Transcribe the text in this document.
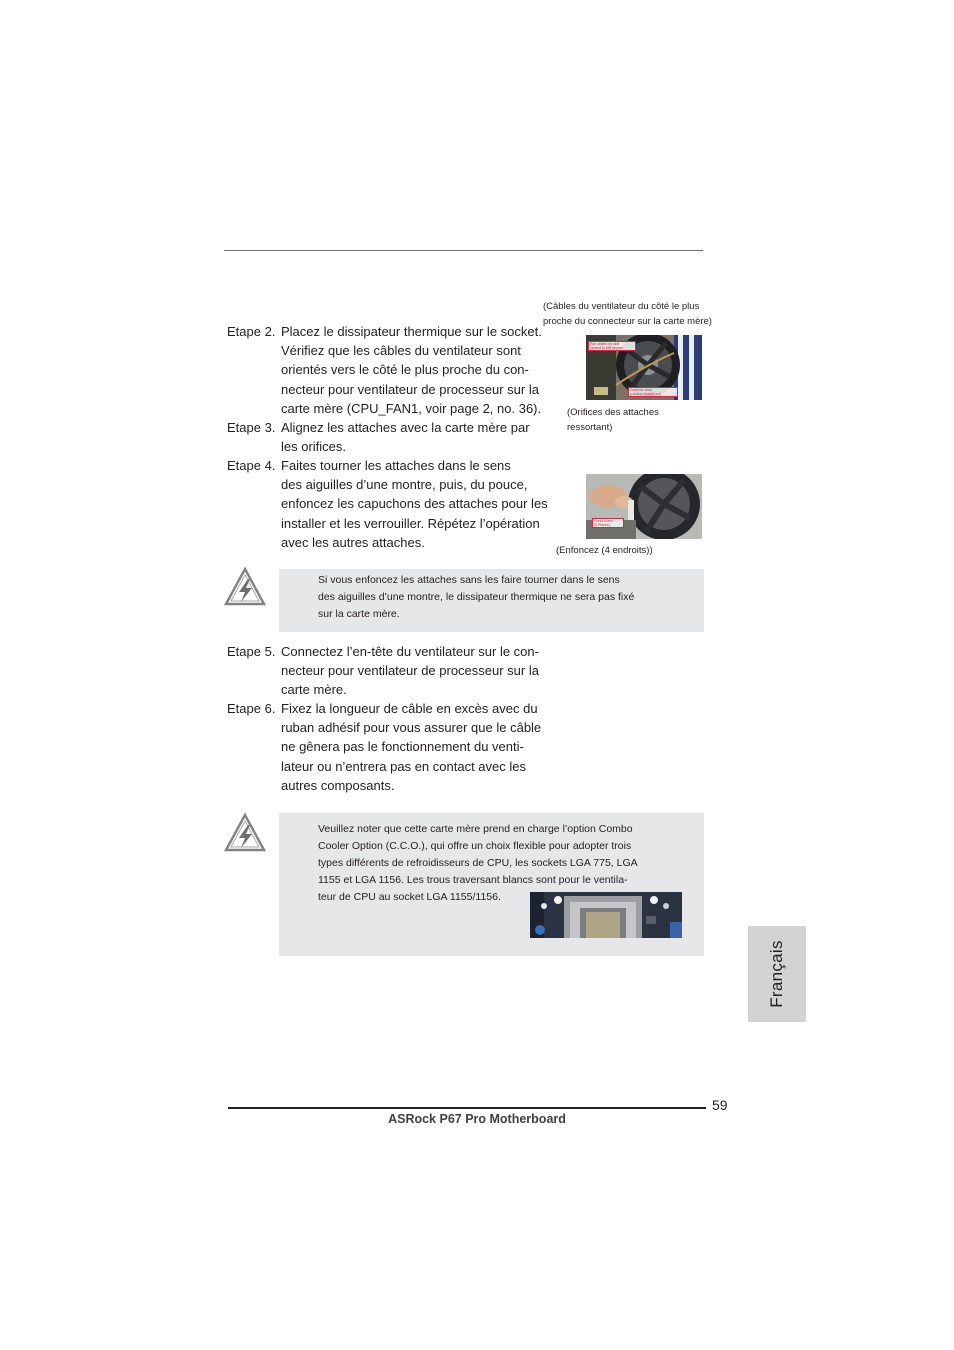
Etape 2. Placez le dissipateur thermique sur le socket.
Vérifiez que les câbles du ventilateur sont
orientés vers le côté le plus proche du con-
necteur pour ventilateur de processeur sur la
carte mère (CPU_FAN1, voir page 2, no. 36).
Etape 3. Alignez les attaches avec la carte mère par
les orifices.
Etape 4. Faites tourner les attaches dans le sens
des aiguilles d’une montre, puis, du pouce,
enfoncez les capuchons des attaches pour les
installer et les verrouiller. Répétez l’opération
avec les autres attaches.
(Câbles du ventilateur du côté le plus
proche du connecteur sur la carte mère)
Fan cables on side
closest to MB header
Fastener slots
pointing straight out
(Orifices des attaches
ressortant)
Press Down
(4 Places)
(Enfoncez (4 endroits))
Si vous enfoncez les attaches sans les faire tourner dans le sens
des aiguilles d’une montre, le dissipateur thermique ne sera pas fixé
sur la carte mère.
Etape 5. Connectez l’en-tête du ventilateur sur le con-
necteur pour ventilateur de processeur sur la
carte mère.
Etape 6. Fixez la longueur de câble en excès avec du
ruban adhésif pour vous assurer que le câble
ne gênera pas le fonctionnement du venti-
lateur ou n’entrera pas en contact avec les
autres composants.
Veuillez noter que cette carte mère prend en charge l’option Combo
Cooler Option (C.C.O.), qui offre un choix flexible pour adopter trois
types différents de refroidisseurs de CPU, les sockets LGA 775, LGA
1155 et LGA 1156. Les trous traversant blancs sont pour le ventila-
teur de CPU au socket LGA 1155/1156.
Français
59
ASRock P67 Pro Motherboard
